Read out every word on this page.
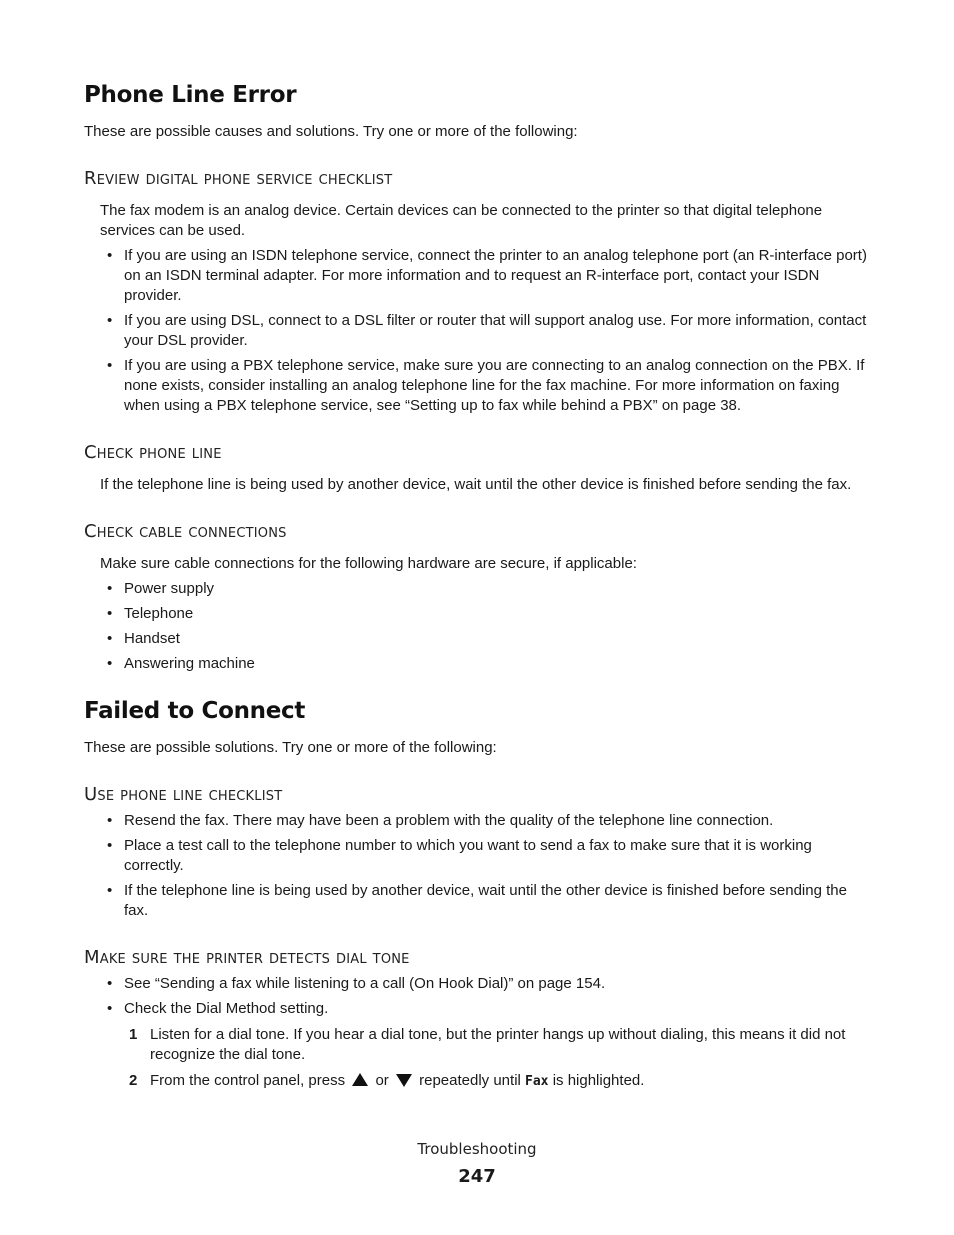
Phone Line Error

These are possible causes and solutions. Try one or more of the following:

Review digital phone service checklist

The fax modem is an analog device. Certain devices can be connected to the printer so that digital telephone services can be used.

• If you are using an ISDN telephone service, connect the printer to an analog telephone port (an R-interface port) on an ISDN terminal adapter. For more information and to request an R-interface port, contact your ISDN provider.
• If you are using DSL, connect to a DSL filter or router that will support analog use. For more information, contact your DSL provider.
• If you are using a PBX telephone service, make sure you are connecting to an analog connection on the PBX. If none exists, consider installing an analog telephone line for the fax machine. For more information on faxing when using a PBX telephone service, see “Setting up to fax while behind a PBX” on page 38.
Check phone line

If the telephone line is being used by another device, wait until the other device is finished before sending the fax.

Check cable connections

Make sure cable connections for the following hardware are secure, if applicable:

• Power supply
• Telephone
• Handset
• Answering machine
Failed to Connect

These are possible solutions. Try one or more of the following:

Use phone line checklist
• Resend the fax. There may have been a problem with the quality of the telephone line connection.
• Place a test call to the telephone number to which you want to send a fax to make sure that it is working correctly.
• If the telephone line is being used by another device, wait until the other device is finished before sending the fax.
Make sure the printer detects dial tone
• See “Sending a fax while listening to a call (On Hook Dial)” on page 154.
• Check the Dial Method setting.
1 Listen for a dial tone. If you hear a dial tone, but the printer hangs up without dialing, this means it did not recognize the dial tone.
2 From the control panel, press or repeatedly until Fax is highlighted.
Troubleshooting
247
